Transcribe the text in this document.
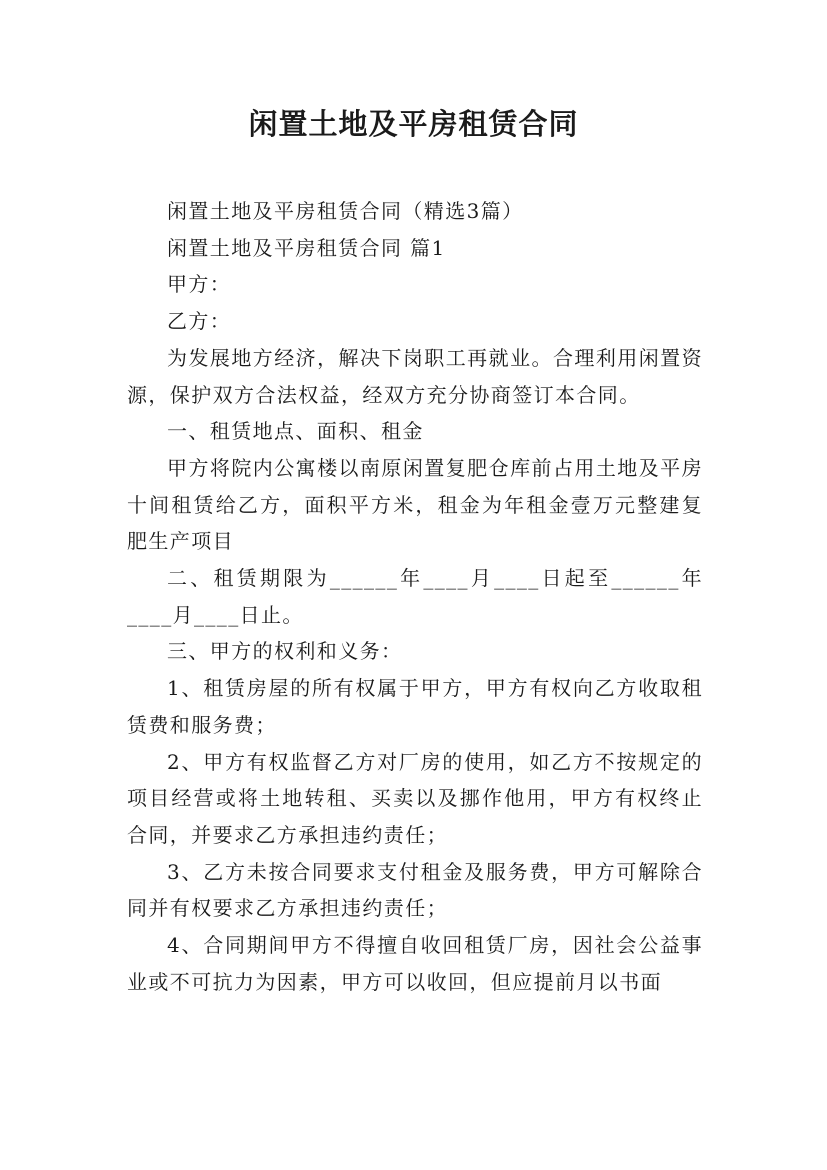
闲置土地及平房租赁合同

闲置土地及平房租赁合同（精选3篇）

闲置土地及平房租赁合同 篇1

甲方：

乙方：

为发展地方经济，解决下岗职工再就业。合理利用闲置资源，保护双方合法权益，经双方充分协商签订本合同。

一、租赁地点、面积、租金

甲方将院内公寓楼以南原闲置复肥仓库前占用土地及平房十间租赁给乙方，面积平方米，租金为年租金壹万元整建复肥生产项目

二、租赁期限为______年____月____日起至______年____月____日止。

三、甲方的权利和义务：

1、租赁房屋的所有权属于甲方，甲方有权向乙方收取租赁费和服务费；

2、甲方有权监督乙方对厂房的使用，如乙方不按规定的项目经营或将土地转租、买卖以及挪作他用，甲方有权终止合同，并要求乙方承担违约责任；

3、乙方未按合同要求支付租金及服务费，甲方可解除合同并有权要求乙方承担违约责任；

4、合同期间甲方不得擅自收回租赁厂房，因社会公益事业或不可抗力为因素，甲方可以收回，但应提前月以书面
